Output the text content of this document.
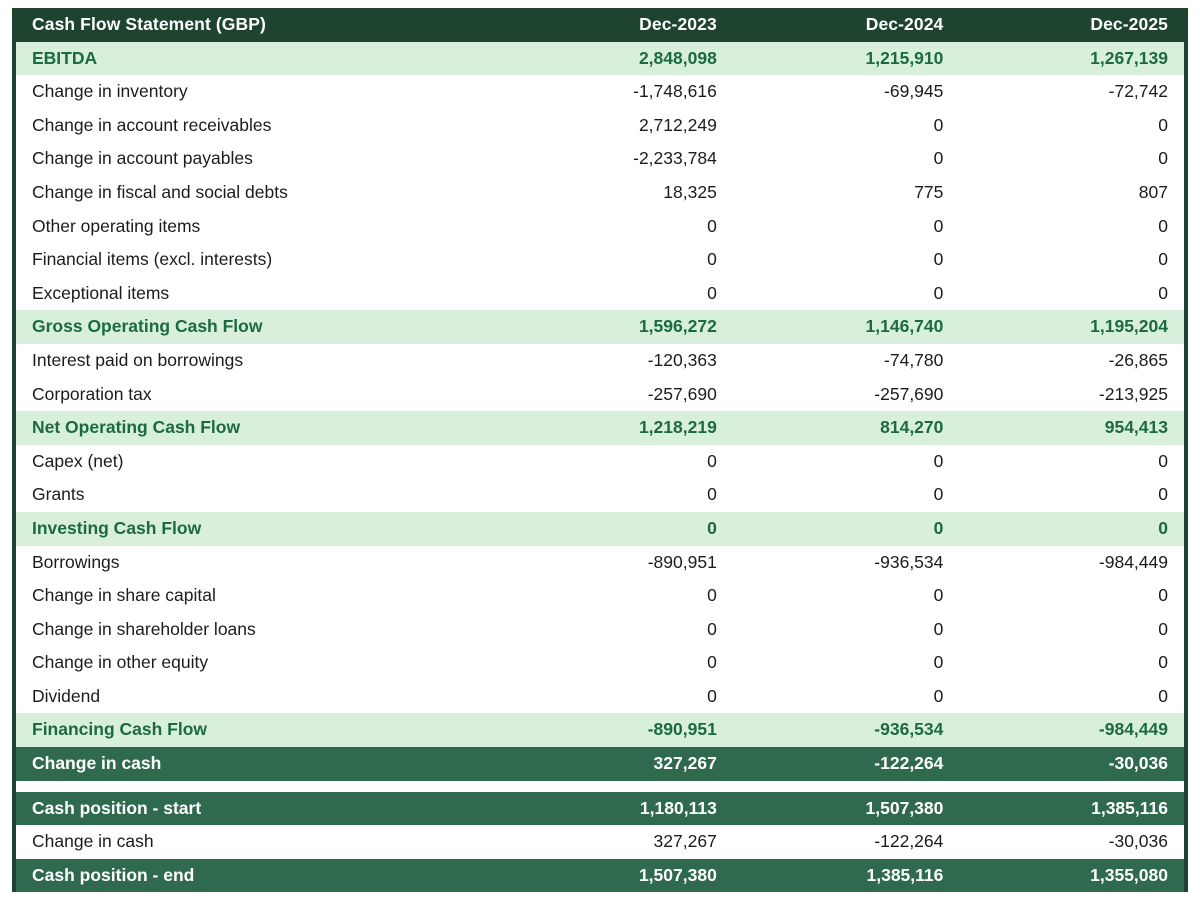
Cash Flow Statement (GBP)	Dec-2023	Dec-2024	Dec-2025
EBITDA	2,848,098	1,215,910	1,267,139
Change in inventory	-1,748,616	-69,945	-72,742
Change in account receivables	2,712,249	0	0
Change in account payables	-2,233,784	0	0
Change in fiscal and social debts	18,325	775	807
Other operating items	0	0	0
Financial items (excl. interests)	0	0	0
Exceptional items	0	0	0
Gross Operating Cash Flow	1,596,272	1,146,740	1,195,204
Interest paid on borrowings	-120,363	-74,780	-26,865
Corporation tax	-257,690	-257,690	-213,925
Net Operating Cash Flow	1,218,219	814,270	954,413
Capex (net)	0	0	0
Grants	0	0	0
Investing Cash Flow	0	0	0
Borrowings	-890,951	-936,534	-984,449
Change in share capital	0	0	0
Change in shareholder loans	0	0	0
Change in other equity	0	0	0
Dividend	0	0	0
Financing Cash Flow	-890,951	-936,534	-984,449
Change in cash	327,267	-122,264	-30,036

Cash position - start	1,180,113	1,507,380	1,385,116
Change in cash	327,267	-122,264	-30,036
Cash position - end	1,507,380	1,385,116	1,355,080
